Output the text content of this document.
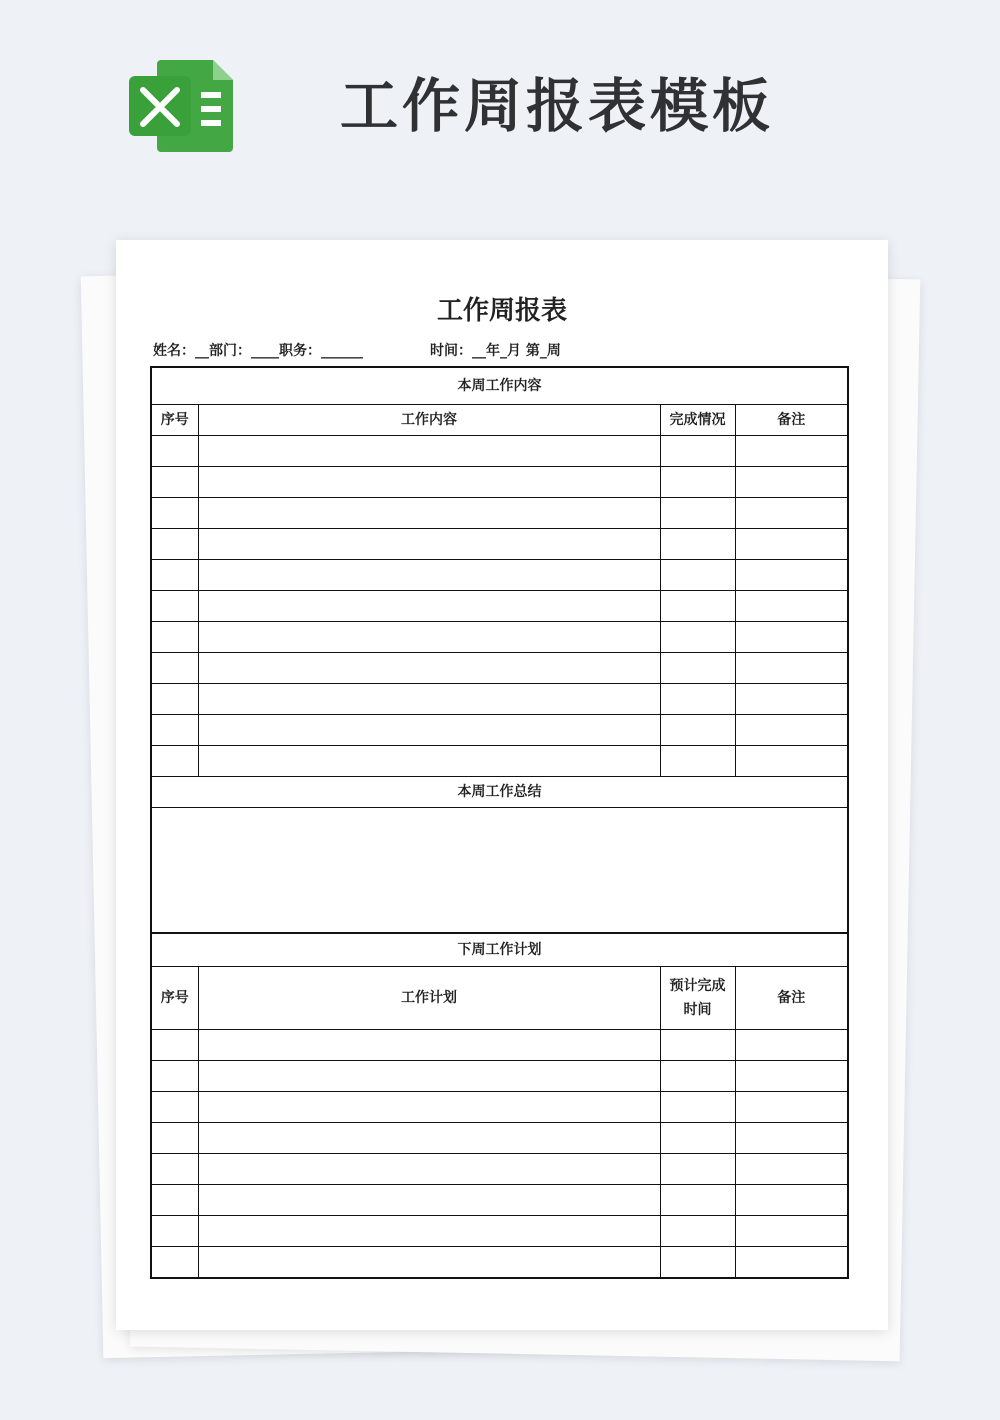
工作周报表模板
工作周报表
姓名：__部门：____职务：______	时间：__年_月 第_周
本周工作内容			
序号	工作内容	完成情况	备注

本周工作总结			

下周工作计划			
序号	工作计划	预计完成时间	备注
